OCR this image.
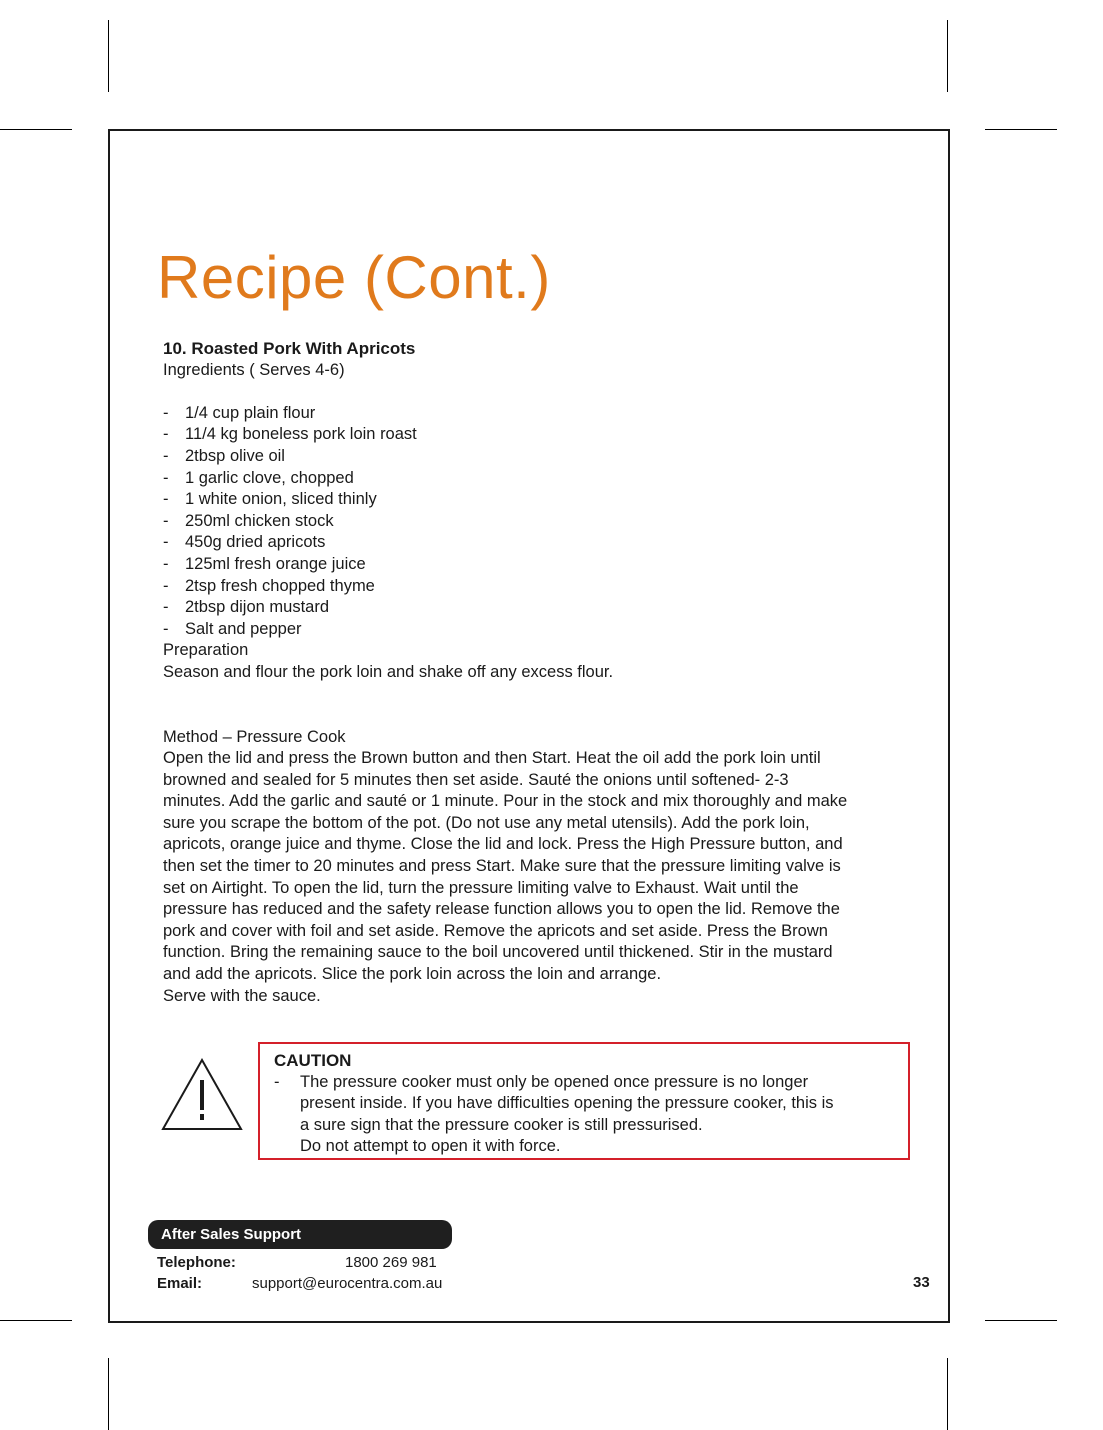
Recipe (Cont.)
10. Roasted Pork With Apricots
Ingredients ( Serves 4-6)
-	1/4 cup plain flour
-	11/4 kg boneless pork loin roast
-	2tbsp olive oil
-	1 garlic clove, chopped
-	1 white onion, sliced thinly
-	250ml chicken stock
-	450g dried apricots
-	125ml fresh orange juice
-	2tsp fresh chopped thyme
-	2tbsp dijon mustard
-	Salt and pepper
Preparation
Season and flour the pork loin and shake off any excess flour.
Method – Pressure Cook
Open the lid and press the Brown button and then Start. Heat the oil add the pork loin until
browned and sealed for 5 minutes then set aside. Sauté the onions until softened- 2-3
minutes. Add the garlic and sauté or 1 minute. Pour in the stock and mix thoroughly and make
sure you scrape the bottom of the pot. (Do not use any metal utensils). Add the pork loin,
apricots, orange juice and thyme. Close the lid and lock. Press the High Pressure button, and
then set the timer to 20 minutes and press Start. Make sure that the pressure limiting valve is
set on Airtight. To open the lid, turn the pressure limiting valve to Exhaust. Wait until the
pressure has reduced and the safety release function allows you to open the lid. Remove the
pork and cover with foil and set aside. Remove the apricots and set aside. Press the Brown
function. Bring the remaining sauce to the boil uncovered until thickened. Stir in the mustard
and add the apricots. Slice the pork loin across the loin and arrange.
Serve with the sauce.
CAUTION
-	The pressure cooker must only be opened once pressure is no longer
present inside. If you have difficulties opening the pressure cooker, this is
a sure sign that the pressure cooker is still pressurised.
Do not attempt to open it with force.
After Sales Support
Telephone:	1800 269 981
Email:	support@eurocentra.com.au	33
